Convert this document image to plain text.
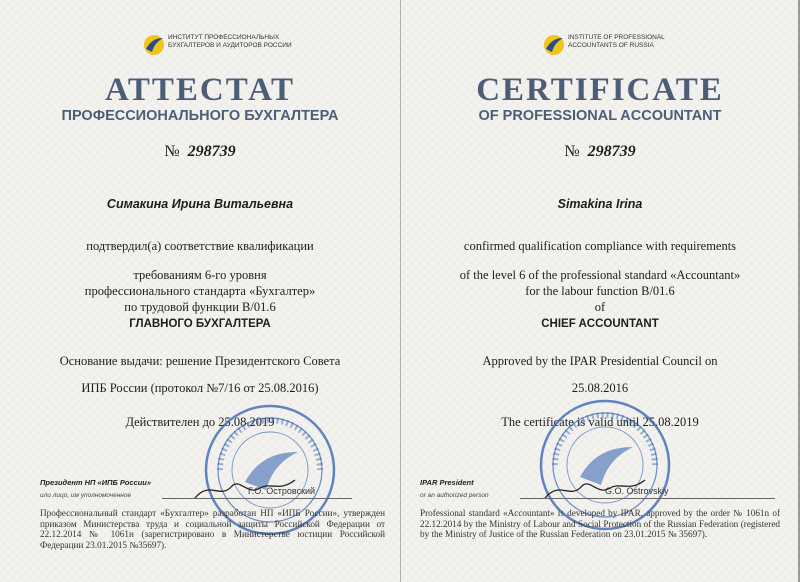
ИНСТИТУТ ПРОФЕССИОНАЛЬНЫХ
БУХГАЛТЕРОВ И АУДИТОРОВ РОССИИ
АТТЕСТАТ
ПРОФЕССИОНАЛЬНОГО БУХГАЛТЕРА
№ 298739
Симакина Ирина Витальевна
подтвердил(а) соответствие квалификации
требованиям 6-го уровня
профессионального стандарта «Бухгалтер»
по трудовой функции В/01.6
ГЛАВНОГО БУХГАЛТЕРА
Основание выдачи: решение Президентского Совета
ИПБ России (протокол №7/16 от 25.08.2016)
Действителен до 25.08.2019
Президент НП «ИПБ России»
или лицо, им уполномоченное	Г.О. Островский
Профессиональный стандарт «Бухгалтер» разработан НП «ИПБ России», утвержден приказом Министерства труда и социальной защиты Российской Федерации от 22.12.2014 № 1061н (зарегистрировано в Министерстве юстиции Российской Федерации 23.01.2015 №35697).
INSTITUTE OF PROFESSIONAL
ACCOUNTANTS OF RUSSIA
CERTIFICATE
OF PROFESSIONAL ACCOUNTANT
№ 298739
Simakina Irina
confirmed qualification compliance with requirements
of the level 6 of the professional standard «Accountant»
for the labour function B/01.6
of
CHIEF ACCOUNTANT
Approved by the IPAR Presidential Council on
25.08.2016
The certificate is valid until 25.08.2019
IPAR President
or an authorized person	G.O. Ostrovskiy
Professional standard «Accountant» is developed by IPAR, approved by the order № 1061n of 22.12.2014 by the Ministry of Labour and Social Protection of the Russian Federation (registered by the Ministry of Justice of the Russian Federation on 23.01.2015 № 35697).
